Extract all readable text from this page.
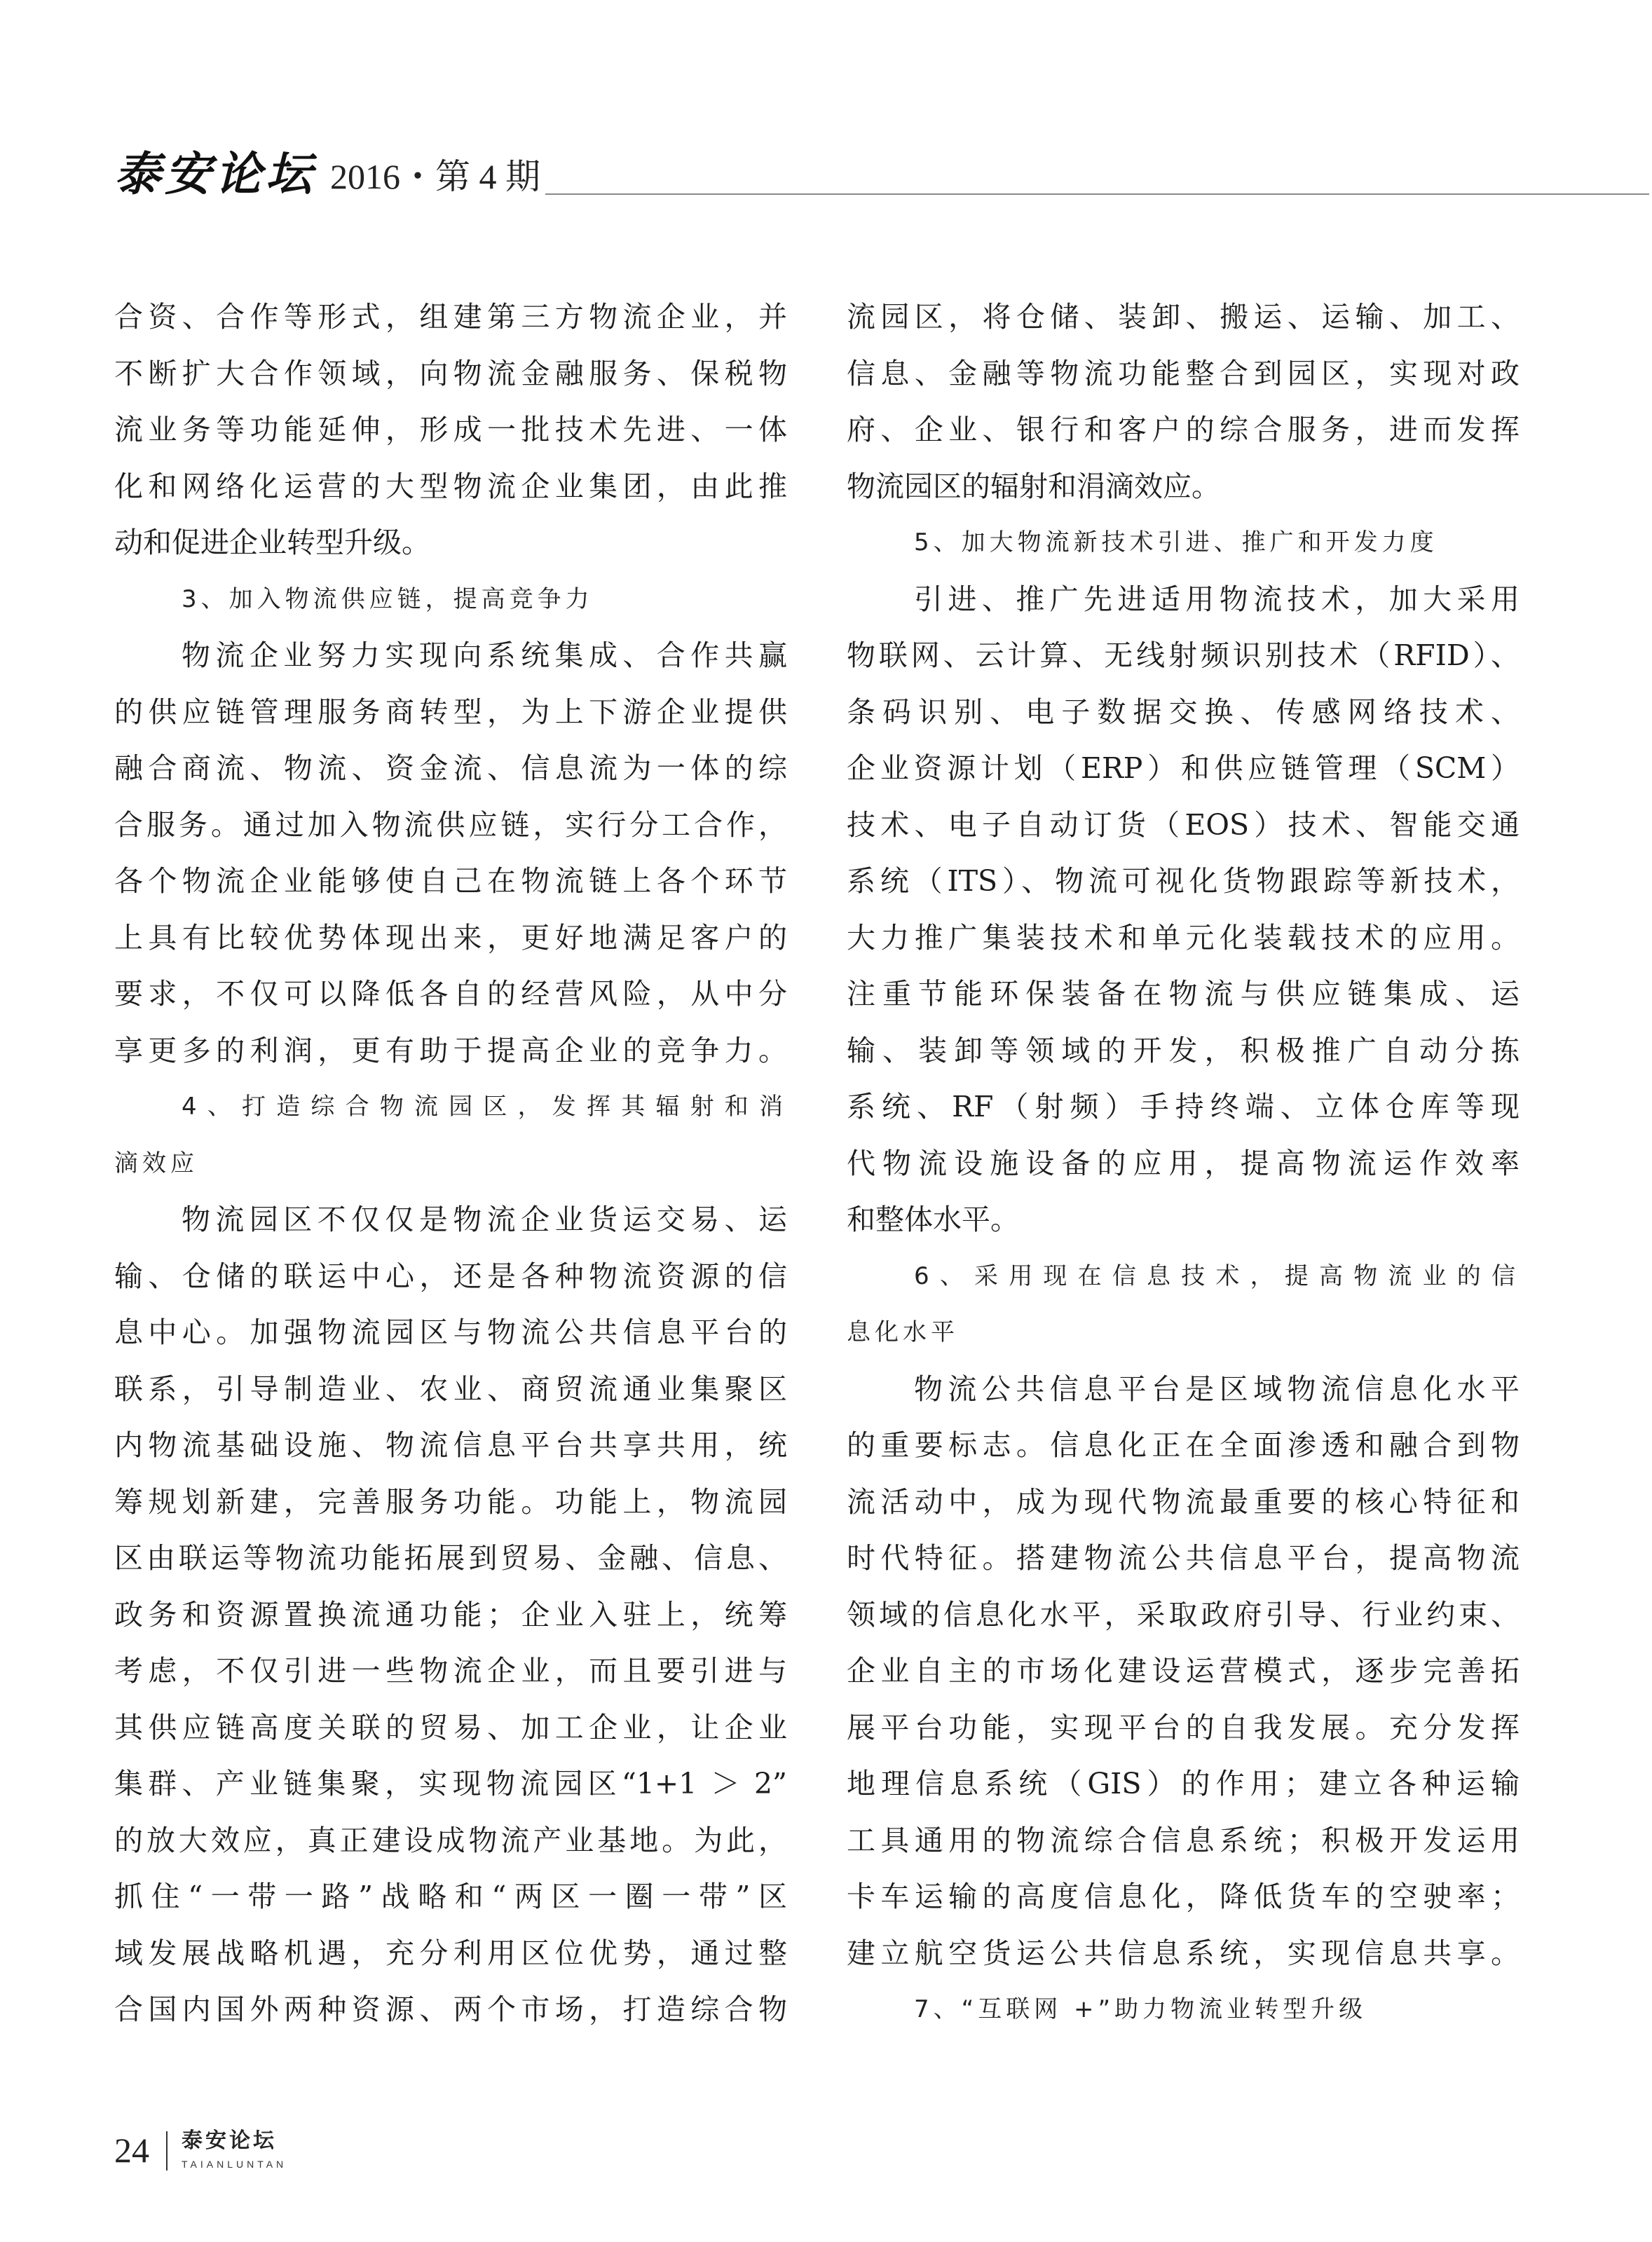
泰安论坛 2016・第 4 期
合资、合作等形式，组建第三方物流企业，并
不断扩大合作领域，向物流金融服务、保税物
流业务等功能延伸，形成一批技术先进、一体
化和网络化运营的大型物流企业集团，由此推
动和促进企业转型升级。
3、加入物流供应链，提高竞争力
物流企业努力实现向系统集成、合作共赢
的供应链管理服务商转型，为上下游企业提供
融合商流、物流、资金流、信息流为一体的综
合服务。通过加入物流供应链，实行分工合作，
各个物流企业能够使自己在物流链上各个环节
上具有比较优势体现出来，更好地满足客户的
要求，不仅可以降低各自的经营风险，从中分
享更多的利润，更有助于提高企业的竞争力。
4、打造综合物流园区，发挥其辐射和消
滴效应
物流园区不仅仅是物流企业货运交易、运
输、仓储的联运中心，还是各种物流资源的信
息中心。加强物流园区与物流公共信息平台的
联系，引导制造业、农业、商贸流通业集聚区
内物流基础设施、物流信息平台共享共用，统
筹规划新建，完善服务功能。功能上，物流园
区由联运等物流功能拓展到贸易、金融、信息、
政务和资源置换流通功能；企业入驻上，统筹
考虑，不仅引进一些物流企业，而且要引进与
其供应链高度关联的贸易、加工企业，让企业
集群、产业链集聚，实现物流园区“1+1 ＞ 2”
的放大效应，真正建设成物流产业基地。为此，
抓住“一带一路”战略和“两区一圈一带”区
域发展战略机遇，充分利用区位优势，通过整
合国内国外两种资源、两个市场，打造综合物
流园区，将仓储、装卸、搬运、运输、加工、
信息、金融等物流功能整合到园区，实现对政
府、企业、银行和客户的综合服务，进而发挥
物流园区的辐射和涓滴效应。
5、加大物流新技术引进、推广和开发力度
引进、推广先进适用物流技术，加大采用
物联网、云计算、无线射频识别技术（RFID）、
条码识别、电子数据交换、传感网络技术、
企业资源计划（ERP）和供应链管理（SCM）
技术、电子自动订货（EOS）技术、智能交通
系统（ITS）、物流可视化货物跟踪等新技术，
大力推广集装技术和单元化装载技术的应用。
注重节能环保装备在物流与供应链集成、运
输、装卸等领域的开发，积极推广自动分拣
系统、RF（射频）手持终端、立体仓库等现
代物流设施设备的应用，提高物流运作效率
和整体水平。
6、采用现在信息技术，提高物流业的信
息化水平
物流公共信息平台是区域物流信息化水平
的重要标志。信息化正在全面渗透和融合到物
流活动中，成为现代物流最重要的核心特征和
时代特征。搭建物流公共信息平台，提高物流
领域的信息化水平，采取政府引导、行业约束、
企业自主的市场化建设运营模式，逐步完善拓
展平台功能，实现平台的自我发展。充分发挥
地理信息系统（GIS）的作用；建立各种运输
工具通用的物流综合信息系统；积极开发运用
卡车运输的高度信息化，降低货车的空驶率；
建立航空货运公共信息系统，实现信息共享。
7、“互联网 +”助力物流业转型升级
24 泰安论坛
TAIANLUNTAN
